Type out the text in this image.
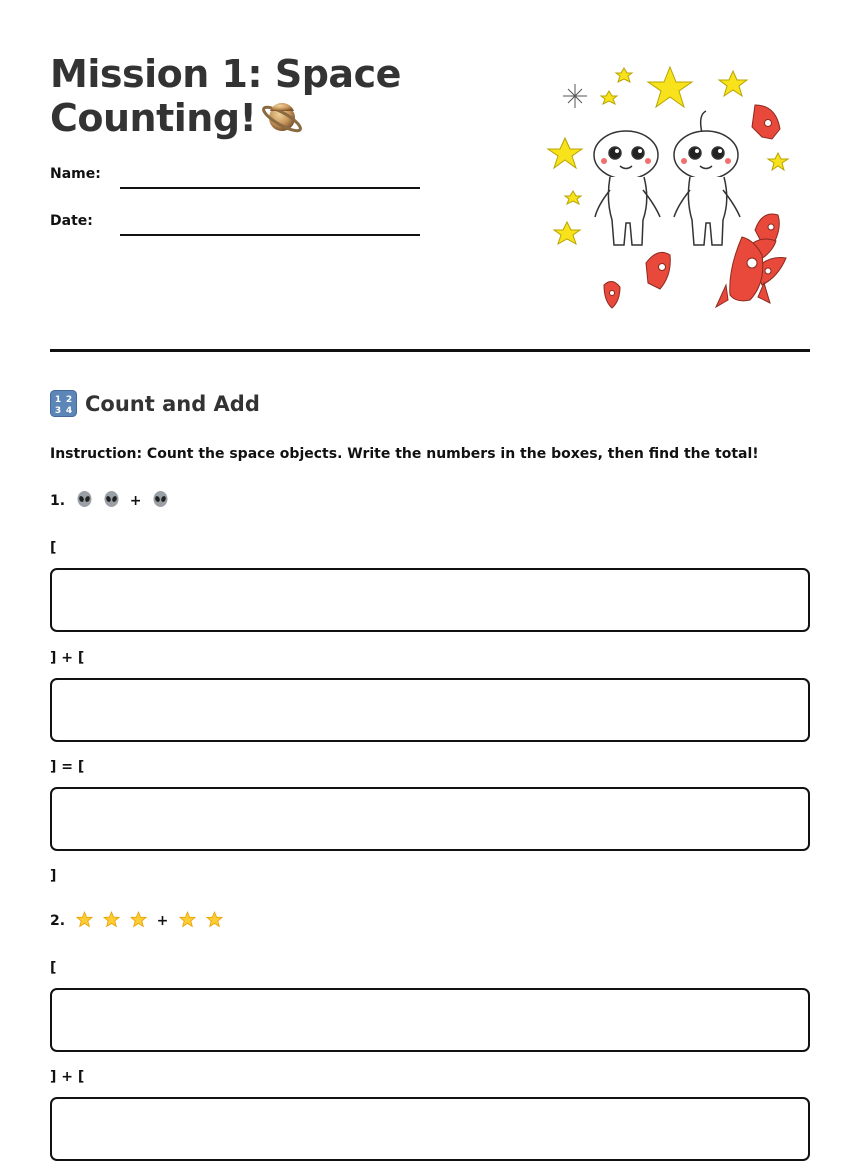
Mission 1: Space Counting!
Name:
Date:
1 2
3 4 Count and Add
Instruction: Count the space objects. Write the numbers in the boxes, then find the total!
1.	+
[
] + [
] = [
]
2.	+
[
] + [
